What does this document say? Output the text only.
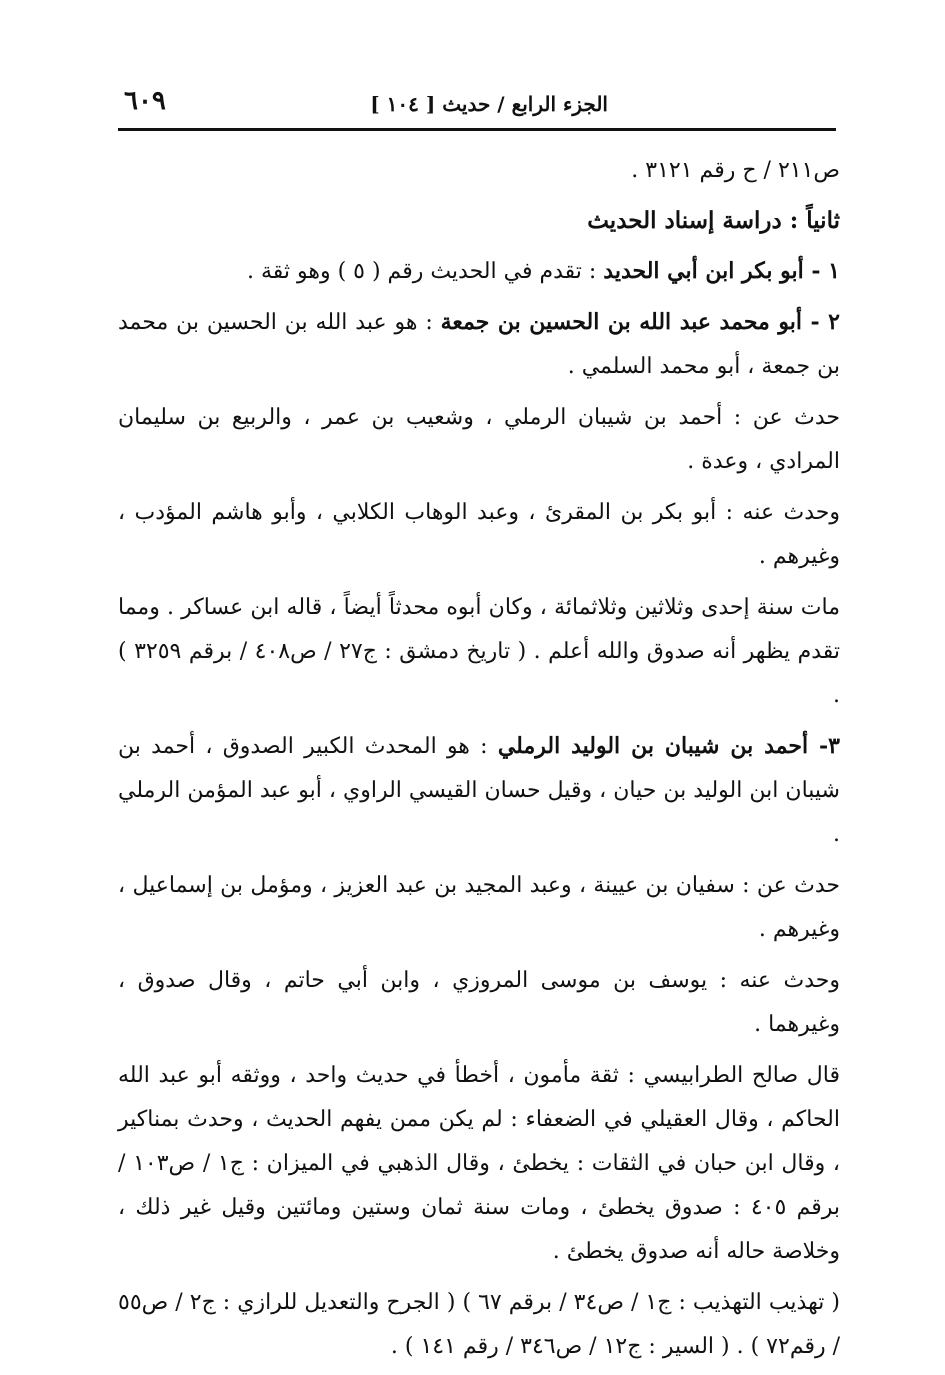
الجزء الرابع / حديث [ ١٠٤ ]
٦٠٩

ص٢١١ / ح رقم ٣١٢١ .

ثانياً : دراسة إسناد الحديث

١ - أبو بكر ابن أبي الحديد : تقدم في الحديث رقم ( ٥ ) وهو ثقة .

٢ - أبو محمد عبد الله بن الحسين بن جمعة : هو عبد الله بن الحسين بن محمد بن جمعة ، أبو محمد السلمي .

حدث عن : أحمد بن شيبان الرملي ، وشعيب بن عمر ، والربيع بن سليمان المرادي ، وعدة .

وحدث عنه : أبو بكر بن المقرئ ، وعبد الوهاب الكلابي ، وأبو هاشم المؤدب ، وغيرهم .

مات سنة إحدى وثلاثين وثلاثمائة ، وكان أبوه محدثاً أيضاً ، قاله ابن عساكر . ومما تقدم يظهر أنه صدوق والله أعلم . ( تاريخ دمشق : ج٢٧ / ص٤٠٨ / برقم ٣٢٥٩ ) .

٣- أحمد بن شيبان بن الوليد الرملي : هو المحدث الكبير الصدوق ، أحمد بن شيبان ابن الوليد بن حيان ، وقيل حسان القيسي الراوي ، أبو عبد المؤمن الرملي .

حدث عن : سفيان بن عيينة ، وعبد المجيد بن عبد العزيز ، ومؤمل بن إسماعيل ، وغيرهم .

وحدث عنه : يوسف بن موسى المروزي ، وابن أبي حاتم ، وقال صدوق ، وغيرهما .

قال صالح الطرابيسي : ثقة مأمون ، أخطأ في حديث واحد ، ووثقه أبو عبد الله الحاكم ، وقال العقيلي في الضعفاء : لم يكن ممن يفهم الحديث ، وحدث بمناكير ، وقال ابن حبان في الثقات : يخطئ ، وقال الذهبي في الميزان : ج١ / ص١٠٣ / برقم ٤٠٥ : صدوق يخطئ ، ومات سنة ثمان وستين ومائتين وقيل غير ذلك ، وخلاصة حاله أنه صدوق يخطئ .

( تهذيب التهذيب : ج١ / ص٣٤ / برقم ٦٧ ) ( الجرح والتعديل للرازي : ج٢ / ص٥٥ / رقم٧٢ ) . ( السير : ج١٢ / ص٣٤٦ / رقم ١٤١ ) .
